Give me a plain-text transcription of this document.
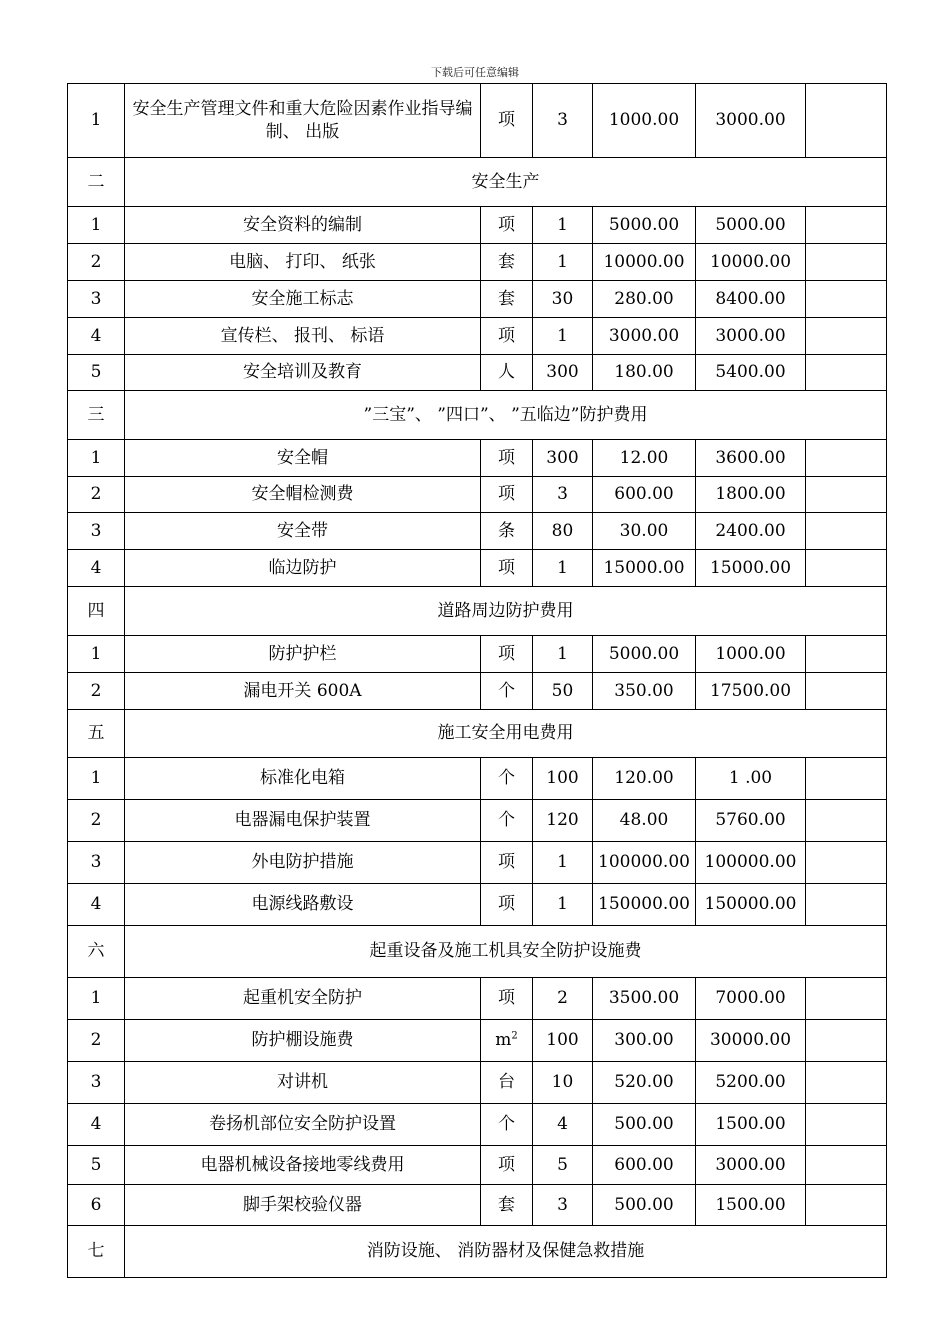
下载后可任意编辑
1	安全生产管理文件和重大危险因素作业指导编制、 出版	项	3	1000.00	3000.00	
二	安全生产					
1	安全资料的编制	项	1	5000.00	5000.00	
2	电脑、 打印、 纸张	套	1	10000.00	10000.00	
3	安全施工标志	套	30	280.00	8400.00	
4	宣传栏、 报刊、 标语	项	1	3000.00	3000.00	
5	安全培训及教育	人	300	180.00	5400.00	
三	”三宝”、 ”四口”、 ”五临边”防护费用					
1	安全帽	项	300	12.00	3600.00	
2	安全帽检测费	项	3	600.00	1800.00	
3	安全带	条	80	30.00	2400.00	
4	临边防护	项	1	15000.00	15000.00	
四	道路周边防护费用					
1	防护护栏	项	1	5000.00	1000.00	
2	漏电开关 600A	个	50	350.00	17500.00	
五	施工安全用电费用					
1	标准化电箱	个	100	120.00	1 .00	
2	电器漏电保护装置	个	120	48.00	5760.00	
3	外电防护措施	项	1	100000.00	100000.00	
4	电源线路敷设	项	1	150000.00	150000.00	
六	起重设备及施工机具安全防护设施费					
1	起重机安全防护	项	2	3500.00	7000.00	
2	防护棚设施费	$m^2$	100	300.00	30000.00	
3	对讲机	台	10	520.00	5200.00	
4	卷扬机部位安全防护设置	个	4	500.00	1500.00	
5	电器机械设备接地零线费用	项	5	600.00	3000.00	
6	脚手架校验仪器	套	3	500.00	1500.00	
七	消防设施、 消防器材及保健急救措施					
